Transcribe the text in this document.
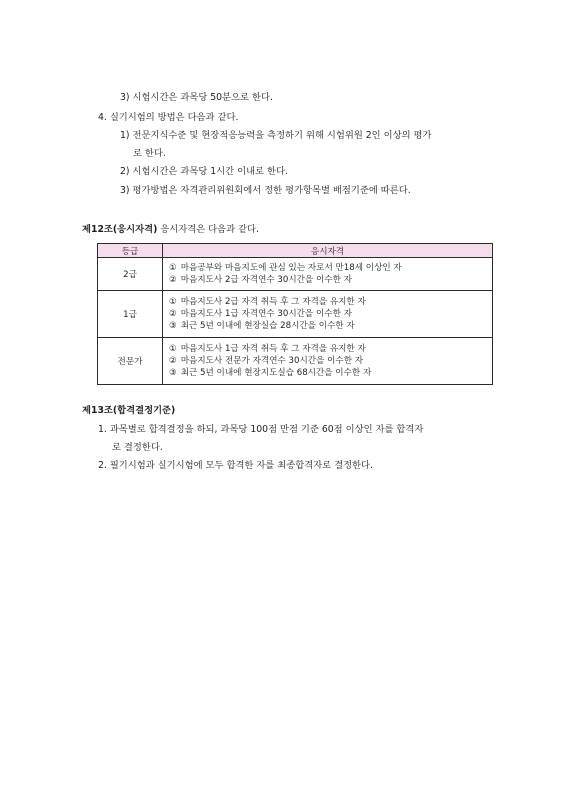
3) 시험시간은 과목당 50분으로 한다.
4. 실기시험의 방법은 다음과 같다.
1) 전문지식수준 및 현장적응능력을 측정하기 위해 시험위원 2인 이상의 평가
로 한다.
2) 시험시간은 과목당 1시간 이내로 한다.
3) 평가방법은 자격관리위원회에서 정한 평가항목별 배점기준에 따른다.
제12조(응시자격) 응시자격은 다음과 같다.
등급	응시자격
2급	① 마음공부와 마음지도에 관심 있는 자로서 만18세 이상인 자
② 마음지도사 2급 자격연수 30시간을 이수한 자

1급	① 마음지도사 2급 자격 취득 후 그 자격을 유지한 자
② 마음지도사 1급 자격연수 30시간을 이수한 자
③ 최근 5년 이내에 현장실습 28시간을 이수한 자

전문가	① 마음지도사 1급 자격 취득 후 그 자격을 유지한 자
② 마음지도사 전문가 자격연수 30시간을 이수한 자
③ 최근 5년 이내에 현장지도실습 68시간을 이수한 자
제13조(합격결정기준)
1. 과목별로 합격결정을 하되, 과목당 100점 만점 기준 60점 이상인 자를 합격자
로 결정한다.
2. 필기시험과 실기시험에 모두 합격한 자를 최종합격자로 결정한다.
